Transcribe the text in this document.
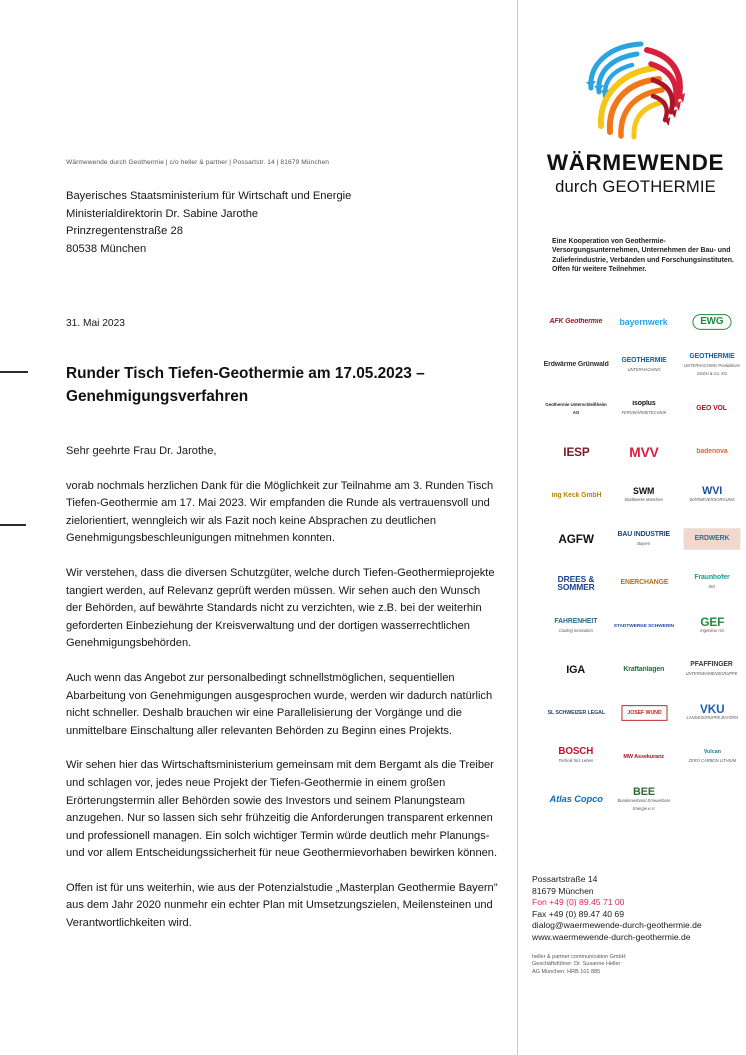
Wärmewende durch Geothermie | c/o heller & partner | Possartstr. 14 | 81679 München
Bayerisches Staatsministerium für Wirtschaft und Energie
Ministerialdirektorin Dr. Sabine Jarothe
Prinzregentenstraße 28
80538 München
31. Mai 2023
Runder Tisch Tiefen-Geothermie am 17.05.2023 – Genehmigungsverfahren
Sehr geehrte Frau Dr. Jarothe,

vorab nochmals herzlichen Dank für die Möglichkeit zur Teilnahme am 3. Runden Tisch Tiefen-Geothermie am 17. Mai 2023. Wir empfanden die Runde als vertrauensvoll und zielorientiert, wenngleich wir als Fazit noch keine Absprachen zu deutlichen Genehmigungsbeschleunigungen mitnehmen konnten.

Wir verstehen, dass die diversen Schutzgüter, welche durch Tiefen-Geothermieprojekte tangiert werden, auf Relevanz geprüft werden müssen. Wir sehen auch den Wunsch der Behörden, auf bewährte Standards nicht zu verzichten, wie z.B. bei der weiterhin geforderten Einbeziehung der Kreisverwaltung und der dortigen wasserrechtlichen Genehmigungsbehörden.

Auch wenn das Angebot zur personalbedingt schnellstmöglichen, sequentiellen Abarbeitung von Genehmigungen ausgesprochen wurde, werden wir dadurch natürlich nicht schneller. Deshalb brauchen wir eine Parallelisierung der Vorgänge und die unmittelbare Einschaltung aller relevanten Behörden zu Beginn eines Projekts.

Wir sehen hier das Wirtschaftsministerium gemeinsam mit dem Bergamt als die Treiber und schlagen vor, jedes neue Projekt der Tiefen-Geothermie in einem großen Erörterungstermin aller Behörden sowie des Investors und seinem Planungsteam anzugehen. Nur so lassen sich sehr frühzeitig die Anforderungen transparent erkennen und professionell managen. Ein solch wichtiger Termin würde deutlich mehr Planungs- und vor allem Entscheidungssicherheit für neue Geothermievorhaben bewirken können.

Offen ist für uns weiterhin, wie aus der Potenzialstudie „Masterplan Geothermie Bayern" aus dem Jahr 2020 nunmehr ein echter Plan mit Umsetzungszielen, Meilensteinen und Verantwortlichkeiten wird.

WÄRMEWENDE
durch GEOTHERMIE
Eine Kooperation von Geothermie-Versorgungsunternehmen, Unternehmen der Bau- und Zulieferindustrie, Verbänden und Forschungsinstituten. Offen für weitere Teilnehmer.
AFK Geothermie bayernwerk	EWG
Erdwärme Grünwald
GEOTHERMIE
UNTERHACHING
GEOTHERMIE
UNTERHACHING Produktions GmbH & Co. KG
Geothermie Unterschleißheim AG
isoplus
FERNWÄRMETECHNIK
GEO VOL
IESP	MVV	badenova
ing Keck GmbH	SWM
Stadtwerke München
WVI
WÄRMEVERSORGUNG
AGFW	BAU INDUSTRIE
Bayern
ERDWERK
DREES & SOMMER	ENERCHANGE
Fraunhofer
IEG
FAHRENHEIT
Cooling Innovation
STADTWERKE SCHWERIN GEF
Ingenieur AG
IGA	Kraftanlagen
PFAFFINGER
UNTERNEHMENSGRUPPE
SL SCHWEIZER LEGAL	JOSEF WUND	VKU
LANDESGRUPPE BAYERN
BOSCH
Technik fürs Leben
MW Assekuranz
Vulcan
ZERO CARBON LITHIUM
Atlas Copco
BEE
Bundesverband Erneuerbare Energie e.V.
Possartstraße 14
81679 München
Fon +49 (0) 89.45 71 00
Fax +49 (0) 89.47 40 69
dialog@waermewende-durch-geothermie.de
www.waermewende-durch-geothermie.de
heller & partner communication GmbH
Geschäftsführer: Dr. Susanne Heller
AG München; HRB 101 885
